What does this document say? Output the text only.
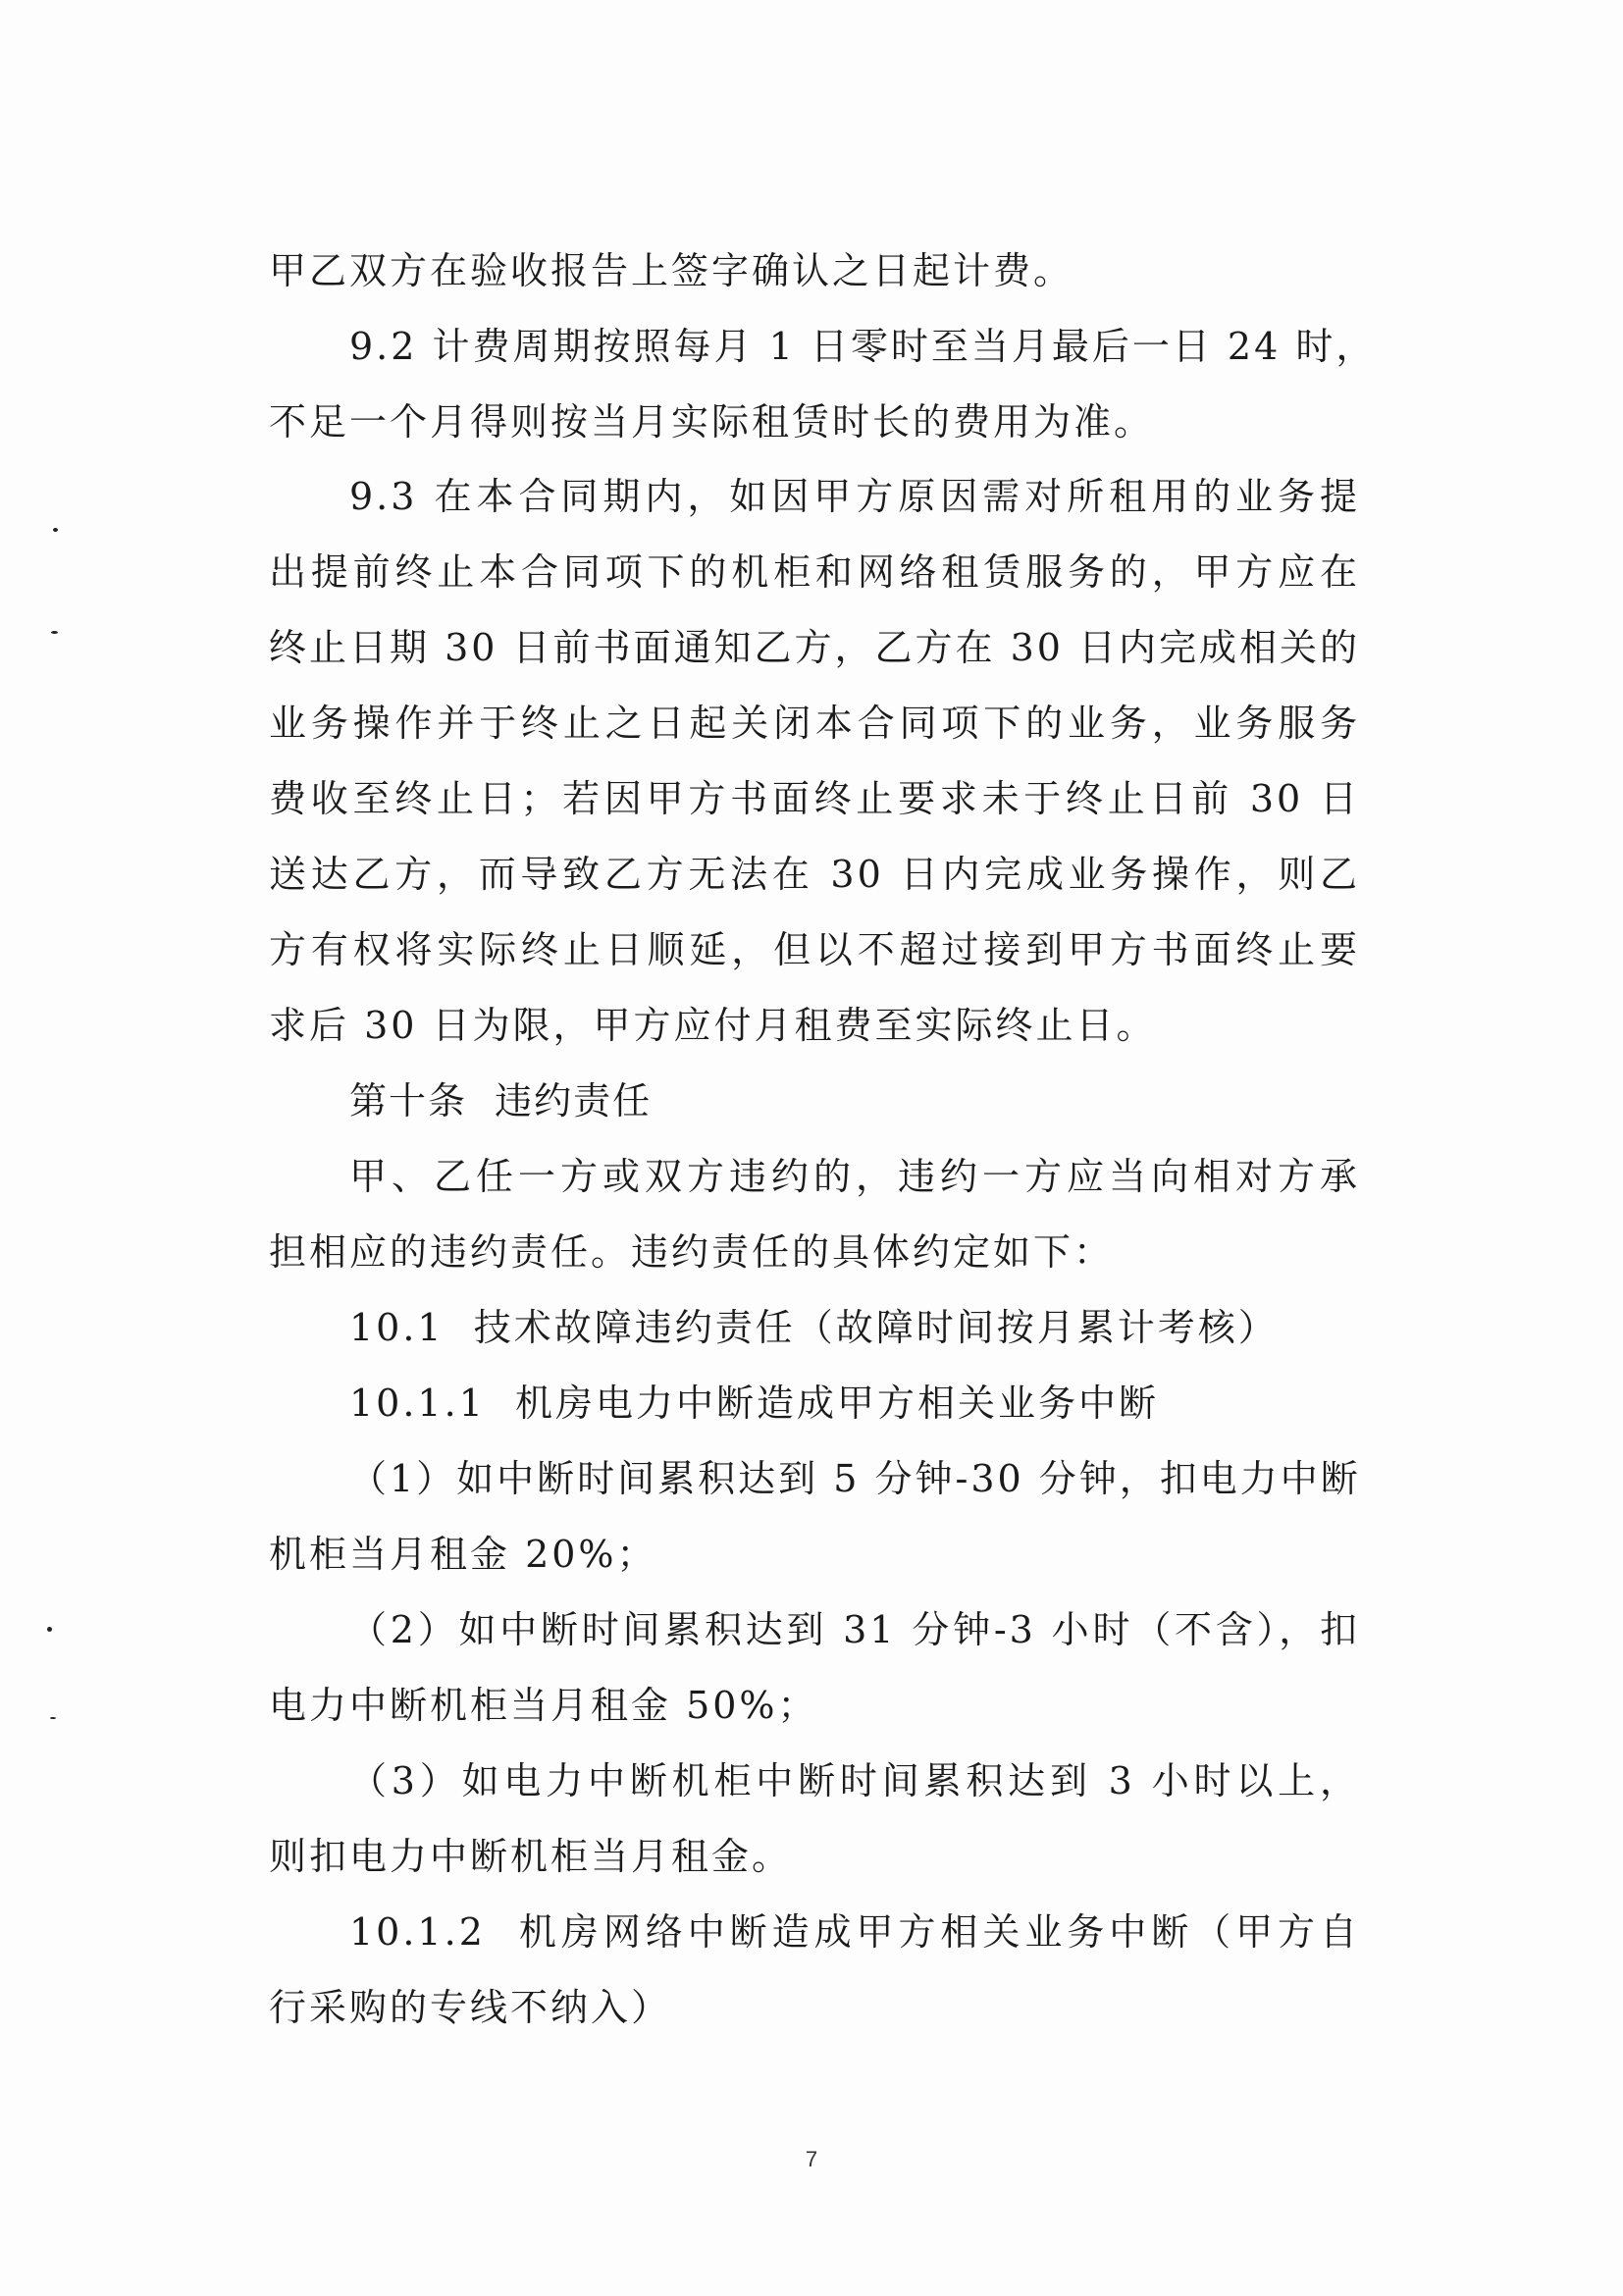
甲乙双方在验收报告上签字确认之日起计费。
9.2 计费周期按照每月 1 日零时至当月最后一日 24 时，
不足一个月得则按当月实际租赁时长的费用为准。
9.3 在本合同期内，如因甲方原因需对所租用的业务提
出提前终止本合同项下的机柜和网络租赁服务的，甲方应在
终止日期 30 日前书面通知乙方，乙方在 30 日内完成相关的
业务操作并于终止之日起关闭本合同项下的业务，业务服务
费收至终止日；若因甲方书面终止要求未于终止日前 30 日
送达乙方，而导致乙方无法在 30 日内完成业务操作，则乙
方有权将实际终止日顺延，但以不超过接到甲方书面终止要
求后 30 日为限，甲方应付月租费至实际终止日。
第十条  违约责任
甲、乙任一方或双方违约的，违约一方应当向相对方承
担相应的违约责任。违约责任的具体约定如下：
10.1  技术故障违约责任（故障时间按月累计考核）
10.1.1  机房电力中断造成甲方相关业务中断
（1）如中断时间累积达到 5 分钟-30 分钟，扣电力中断
机柜当月租金 20%；
（2）如中断时间累积达到 31 分钟-3 小时（不含），扣
电力中断机柜当月租金 50%；
（3）如电力中断机柜中断时间累积达到 3 小时以上，
则扣电力中断机柜当月租金。
10.1.2  机房网络中断造成甲方相关业务中断（甲方自
行采购的专线不纳入）
7
